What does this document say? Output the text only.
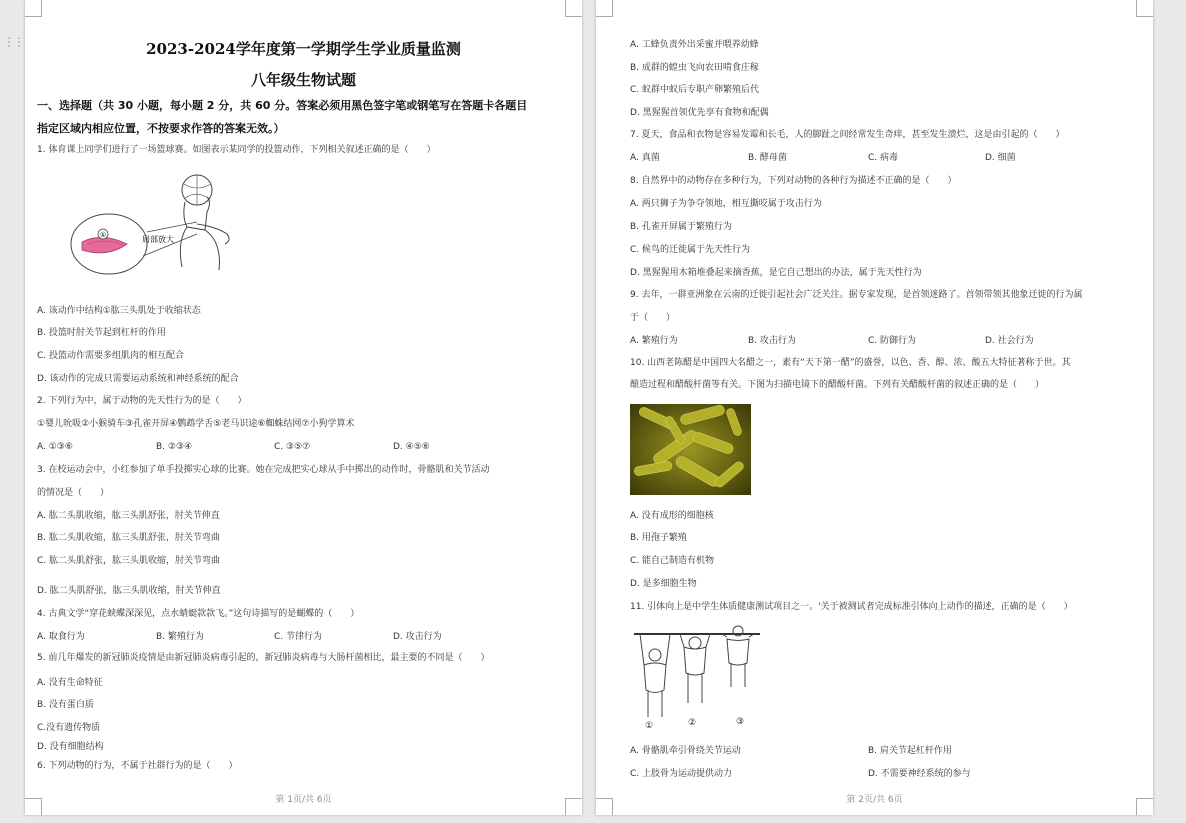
⋮⋮	2023-2024学年度第一学期学生学业质量监测
八年级生物试题
一、选择题（共 30 小题，每小题 2 分，共 60 分。答案必须用黑色签字笔或钢笔写在答题卡各题目
指定区域内相应位置，不按要求作答的答案无效。）
1. 体育课上同学们进行了一场篮球赛。如图表示某同学的投篮动作，下列相关叙述正确的是（　　）
①	局部放大
A. 该动作中结构①肱三头肌处于收缩状态
B. 投篮时肘关节起到杠杆的作用
C. 投篮动作需要多组肌肉的相互配合
D. 该动作的完成只需要运动系统和神经系统的配合
2. 下列行为中，属于动物的先天性行为的是（　　）
①婴儿吮吸②小猴骑车③孔雀开屏④鹦鹉学舌⑤老马识途⑥蜘蛛结网⑦小狗学算术
A. ①③⑥	B. ②③④	C. ③⑤⑦	D. ④⑤⑥
3. 在校运动会中，小红参加了单手投掷实心球的比赛。她在完成把实心球从手中掷出的动作时，骨骼肌和关节活动
的情况是（　　）
A. 肱二头肌收缩，肱三头肌舒张，肘关节伸直
B. 肱二头肌收缩，肱三头肌舒张，肘关节弯曲
C. 肱二头肌舒张，肱三头肌收缩，肘关节弯曲
D. 肱二头肌舒张，肱三头肌收缩，肘关节伸直
4. 古典文学“穿花蛱蝶深深见，点水蜻蜓款款飞。”这句诗描写的是蝴蝶的（　　）
A. 取食行为	B. 繁殖行为	C. 节律行为	D. 攻击行为
5. 前几年爆发的新冠肺炎疫情是由新冠肺炎病毒引起的，新冠肺炎病毒与大肠杆菌相比，最主要的不同是（　　）
A. 没有生命特征
B. 没有蛋白质
C.没有遗传物质
D. 没有细胞结构
6. 下列动物的行为，不属于社群行为的是（　　）
第 1页/共 6页
A. 工蜂负责外出采蜜并喂养幼蜂
B. 成群的蝗虫飞向农田啃食庄稼
C. 蚁群中蚁后专职产卵繁殖后代
D. 黑猩猩首领优先享有食物和配偶
7. 夏天，食品和衣物是容易发霉和长毛，人的脚趾之间经常发生奇痒，甚至发生溃烂，这是由引起的（　　）
A. 真菌	B. 酵母菌	C. 病毒	D. 细菌
8. 自然界中的动物存在多种行为，下列对动物的各种行为描述不正确的是（　　）
A. 两只狮子为争夺领地，相互撕咬属于攻击行为
B. 孔雀开屏属于繁殖行为
C. 候鸟的迁徙属于先天性行为
D. 黑猩猩用木箱堆叠起来摘香蕉，是它自己想出的办法，属于先天性行为
9. 去年，一群亚洲象在云南的迁徙引起社会广泛关注。据专家发现，是首领迷路了。首领带领其他象迁徙的行为属
于（　　）
A. 繁殖行为	B. 攻击行为	C. 防御行为	D. 社会行为
10. 山西老陈醋是中国四大名醋之一，素有“天下第一醋”的盛誉，以色、香、醇、浓、酸五大特征著称于世。其
酿造过程和醋酸杆菌等有关。下图为扫描电镜下的醋酸杆菌。下列有关醋酸杆菌的叙述正确的是（　　）
A. 没有成形的细胞核
B. 用孢子繁殖
C. 能自己制造有机物
D. 是多细胞生物
11. 引体向上是中学生体质健康测试项目之一。'关于被测试者完成标准引体向上动作的描述，正确的是（　　）
①	②	③
A. 骨骼肌牵引骨绕关节运动	B. 肩关节起杠杆作用
C. 上肢骨为运动提供动力	D. 不需要神经系统的参与
第 2页/共 6页
